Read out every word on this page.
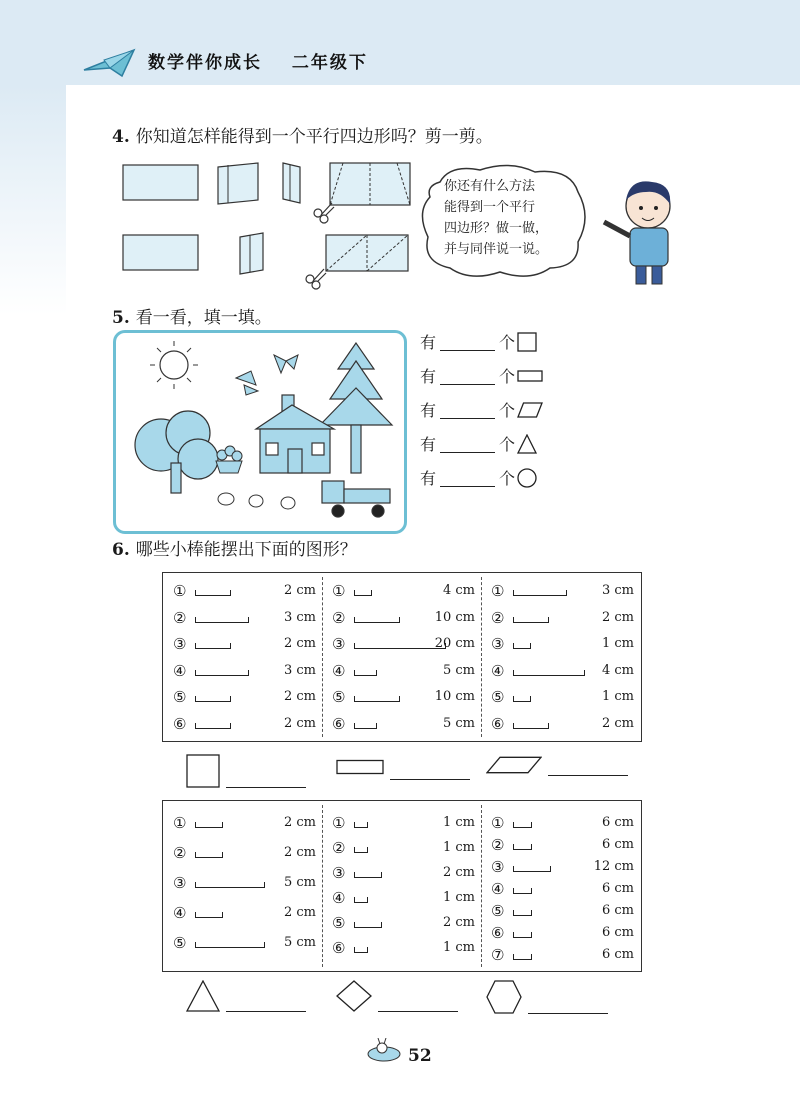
数学伴你成长 二年级下
4. 你知道怎样能得到一个平行四边形吗？剪一剪。
你还有什么方法
能得到一个平行
四边形？做一做，
并与同伴说一说。
5. 看一看，填一填。
有	个
有	个
有	个
有	个
有	个
6. 哪些小棒能摆出下面的图形？
①	2 cm
②	3 cm
③	2 cm
④	3 cm
⑤	2 cm
⑥	2 cm
①	4 cm
②	10 cm
③	20 cm
④	5 cm
⑤	10 cm
⑥	5 cm
①	3 cm
②	2 cm
③	1 cm
④	4 cm
⑤	1 cm
⑥	2 cm
①	2 cm
②	2 cm
③	5 cm
④	2 cm
⑤	5 cm
①	1 cm
②	1 cm
③	2 cm
④	1 cm
⑤	2 cm
⑥	1 cm
①	6 cm
②	6 cm
③	12 cm
④	6 cm
⑤	6 cm
⑥	6 cm
⑦	6 cm
52
